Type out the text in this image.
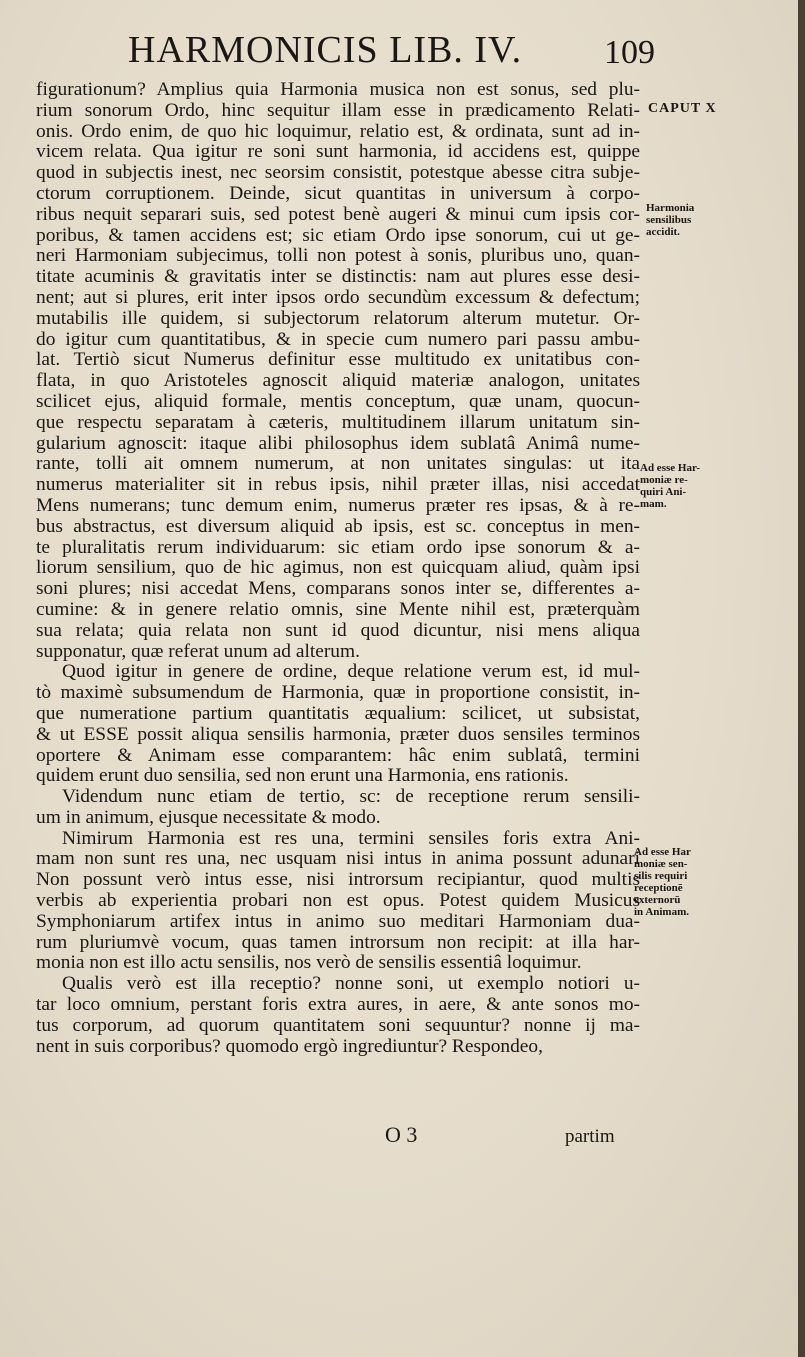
HARMONICIS LIB. IV. 109
figurationum? Amplius quia Harmonia musica non est sonus, sed plu-
rium sonorum Ordo, hinc sequitur illam esse in prædicamento Relati-
onis. Ordo enim, de quo hic loquimur, relatio est, & ordinata, sunt ad in-
vicem relata. Qua igitur re soni sunt harmonia, id accidens est, quippe
quod in subjectis inest, nec seorsim consistit, potestque abesse citra subje-
ctorum corruptionem. Deinde, sicut quantitas in universum à corpo-
ribus nequit separari suis, sed potest benè augeri & minui cum ipsis cor-
poribus, & tamen accidens est; sic etiam Ordo ipse sonorum, cui ut ge-
neri Harmoniam subjecimus, tolli non potest à sonis, pluribus uno, quan-
titate acuminis & gravitatis inter se distinctis: nam aut plures esse desi-
nent; aut si plures, erit inter ipsos ordo secundùm excessum & defectum;
mutabilis ille quidem, si subjectorum relatorum alterum mutetur. Or-
do igitur cum quantitatibus, & in specie cum numero pari passu ambu-
lat. Tertiò sicut Numerus definitur esse multitudo ex unitatibus con-
flata, in quo Aristoteles agnoscit aliquid materiæ analogon, unitates
scilicet ejus, aliquid formale, mentis conceptum, quæ unam, quocun-
que respectu separatam à cæteris, multitudinem illarum unitatum sin-
gularium agnoscit: itaque alibi philosophus idem sublatâ Animâ nume-
rante, tolli ait omnem numerum, at non unitates singulas: ut ita
numerus materialiter sit in rebus ipsis, nihil præter illas, nisi accedat
Mens numerans; tunc demum enim, numerus præter res ipsas, & à re-
bus abstractus, est diversum aliquid ab ipsis, est sc. conceptus in men-
te pluralitatis rerum individuarum: sic etiam ordo ipse sonorum & a-
liorum sensilium, quo de hic agimus, non est quicquam aliud, quàm ipsi
soni plures; nisi accedat Mens, comparans sonos inter se, differentes a-
cumine: & in genere relatio omnis, sine Mente nihil est, præterquàm
sua relata; quia relata non sunt id quod dicuntur, nisi mens aliqua
supponatur, quæ referat unum ad alterum.
Quod igitur in genere de ordine, deque relatione verum est, id mul-
tò maximè subsumendum de Harmonia, quæ in proportione consistit, in-
que numeratione partium quantitatis æqualium: scilicet, ut subsistat,
& ut ESSE possit aliqua sensilis harmonia, præter duos sensiles terminos
oportere & Animam esse comparantem: hâc enim sublatâ, termini
quidem erunt duo sensilia, sed non erunt una Harmonia, ens rationis.
Videndum nunc etiam de tertio, sc: de receptione rerum sensili-
um in animum, ejusque necessitate & modo.
Nimirum Harmonia est res una, termini sensiles foris extra Ani-
mam non sunt res una, nec usquam nisi intus in anima possunt adunari
Non possunt verò intus esse, nisi introrsum recipiantur, quod multis
verbis ab experientia probari non est opus. Potest quidem Musicus
Symphoniarum artifex intus in animo suo meditari Harmoniam dua-
rum pluriumvè vocum, quas tamen introrsum non recipit: at illa har-
monia non est illo actu sensilis, nos verò de sensilis essentiâ loquimur.
Qualis verò est illa receptio? nonne soni, ut exemplo notiori u-
tar loco omnium, perstant foris extra aures, in aere, & ante sonos mo-
tus corporum, ad quorum quantitatem soni sequuntur? nonne ij ma-
nent in suis corporibus? quomodo ergò ingrediuntur? Respondeo,
CAPUT X
Harmonia
sensilibus
accidit.
Ad esse Har-
moniæ re-
quiri Ani-
mam.
Ad esse Har
moniæ sen-
silis requiri
receptionē
externorū
in Animam.
O 3	partim
